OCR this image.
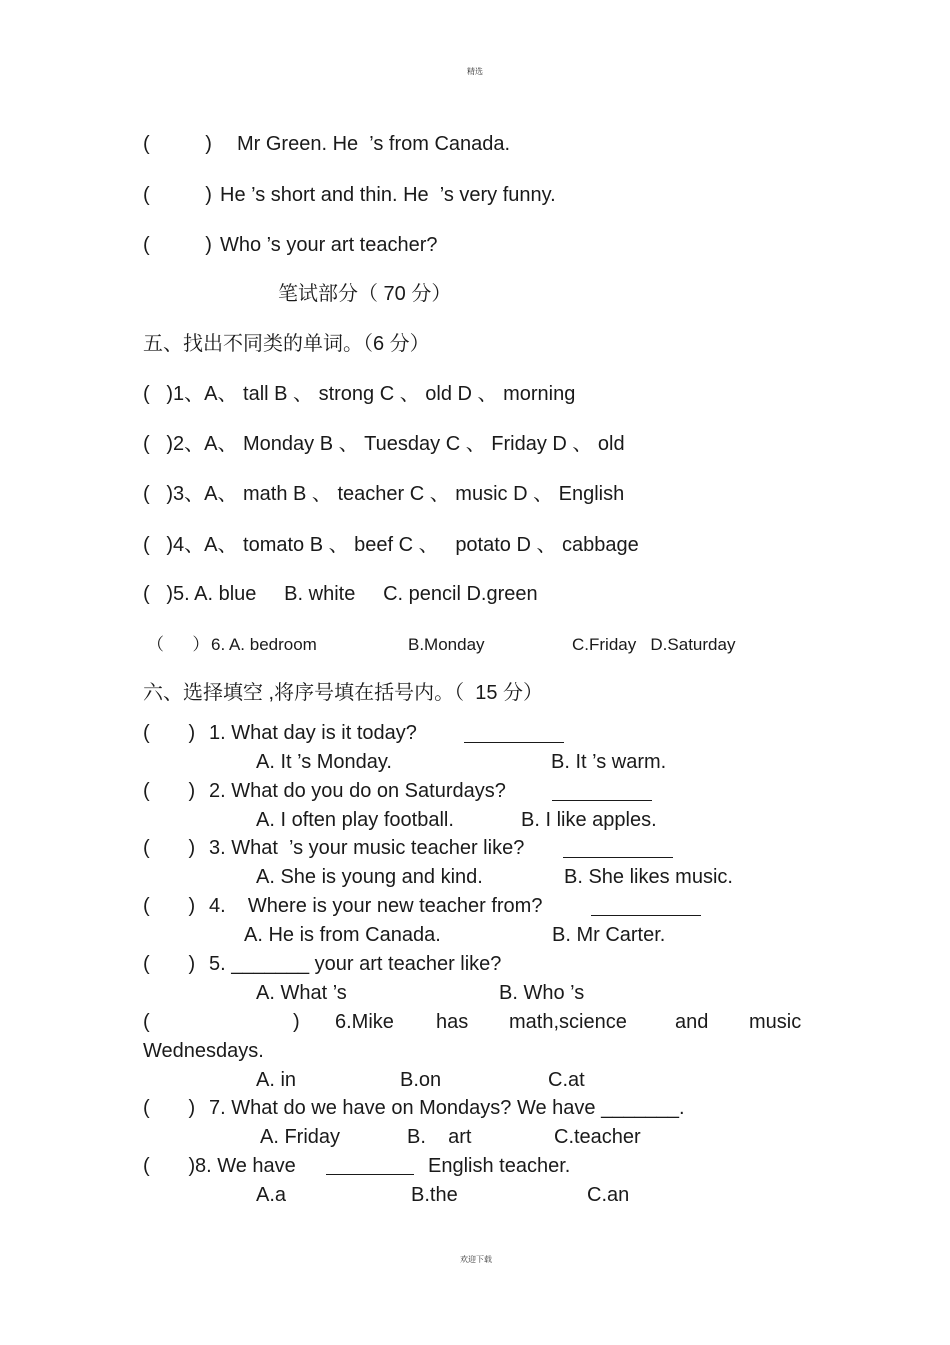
精选
欢迎下载
(          ) Mr Green. He  ’s from Canada.
(          ) He ’s short and thin. He  ’s very funny.
(          ) Who ’s your art teacher?
笔试部分（ 70 分）
五、找出不同类的单词。（6 分）
(   )1、A、 tall B 、 strong C 、 old D 、 morning
(   )2、A、 Monday B 、 Tuesday C 、 Friday D 、 old
(   )3、A、 math B 、 teacher C 、 music D 、 English
(   )4、A、 tomato B 、 beef C 、   potato D 、 cabbage
(   )5. A. blue     B. white     C. pencil D.green
（      ） 6. A. bedroom	B.Monday	C.Friday   D.Saturday
六、选择填空 ,将序号填在括号内。（  15 分）
(       ) 1. What day is it today?
A. It ’s Monday.	B. It ’s warm.
(       ) 2. What do you do on Saturdays?
A. I often play football.	B. I like apples.
(       ) 3. What  ’s your music teacher like?
A. She is young and kind.	B. She likes music.
(       ) 4.    Where is your new teacher from?
A. He is from Canada.	B. Mr Carter.
(       ) 5. _______ your art teacher like?
A. What ’s	B. Who ’s
(	) 6.Mike has math,science and music
Wednesdays.
A. in	B.on	C.at
(       ) 7. What do we have on Mondays? We have _______.
A. Friday	B.    art	C.teacher
(       ) 8. We have	English teacher.
A.a	B.the	C.an
